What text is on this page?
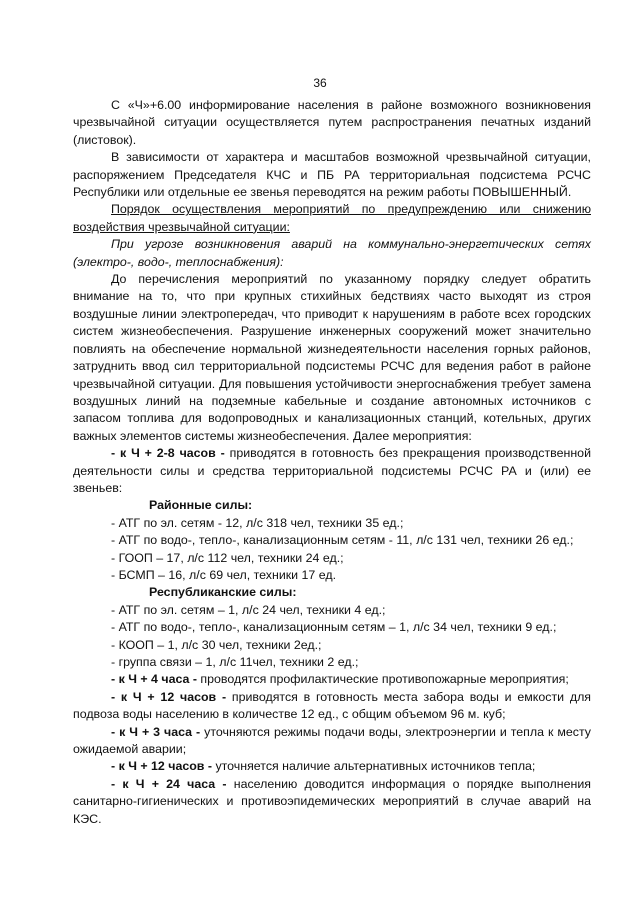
36

С «Ч»+6.00 информирование населения в районе возможного возникновения чрезвычайной ситуации осуществляется путем распространения печатных изданий (листовок).

В зависимости от характера и масштабов возможной чрезвычайной ситуации, распоряжением Председателя КЧС и ПБ РА территориальная подсистема РСЧС Республики или отдельные ее звенья переводятся на режим работы ПОВЫШЕННЫЙ.

Порядок осуществления мероприятий по предупреждению или снижению воздействия чрезвычайной ситуации:

При угрозе возникновения аварий на коммунально-энергетических сетях (электро-, водо-, теплоснабжения):

До перечисления мероприятий по указанному порядку следует обратить внимание на то, что при крупных стихийных бедствиях часто выходят из строя воздушные линии электропередач, что приводит к нарушениям в работе всех городских систем жизнеобеспечения. Разрушение инженерных сооружений может значительно повлиять на обеспечение нормальной жизнедеятельности населения горных районов, затруднить ввод сил территориальной подсистемы РСЧС для ведения работ в районе чрезвычайной ситуации. Для повышения устойчивости энергоснабжения требует замена воздушных линий на подземные кабельные и создание автономных источников с запасом топлива для водопроводных и канализационных станций, котельных, других важных элементов системы жизнеобеспечения. Далее мероприятия:

- к Ч + 2-8 часов - приводятся в готовность без прекращения производственной деятельности силы и средства территориальной подсистемы РСЧС РА и (или) ее звеньев:

Районные силы:

- АТГ по эл. сетям - 12, л/с 318 чел, техники 35 ед.;

- АТГ по водо-, тепло-, канализационным сетям - 11, л/с 131 чел, техники 26 ед.;

- ГООП – 17, л/с 112 чел, техники 24 ед.;

- БСМП – 16, л/с 69 чел, техники 17 ед.

Республиканские силы:

- АТГ по эл. сетям – 1, л/с 24 чел, техники 4 ед.;

- АТГ по водо-, тепло-, канализационным сетям – 1, л/с 34 чел, техники 9 ед.;

- КООП – 1, л/с 30 чел, техники 2ед.;

- группа связи – 1, л/с 11чел, техники 2 ед.;

- к Ч + 4 часа - проводятся профилактические противопожарные мероприятия;

- к Ч + 12 часов - приводятся в готовность места забора воды и емкости для подвоза воды населению в количестве 12 ед., с общим объемом 96 м. куб;

- к Ч + 3 часа - уточняются режимы подачи воды, электроэнергии и тепла к месту ожидаемой аварии;

- к Ч + 12 часов - уточняется наличие альтернативных источников тепла;

- к Ч + 24 часа - населению доводится информация о порядке выполнения санитарно-гигиенических и противоэпидемических мероприятий в случае аварий на КЭС.
